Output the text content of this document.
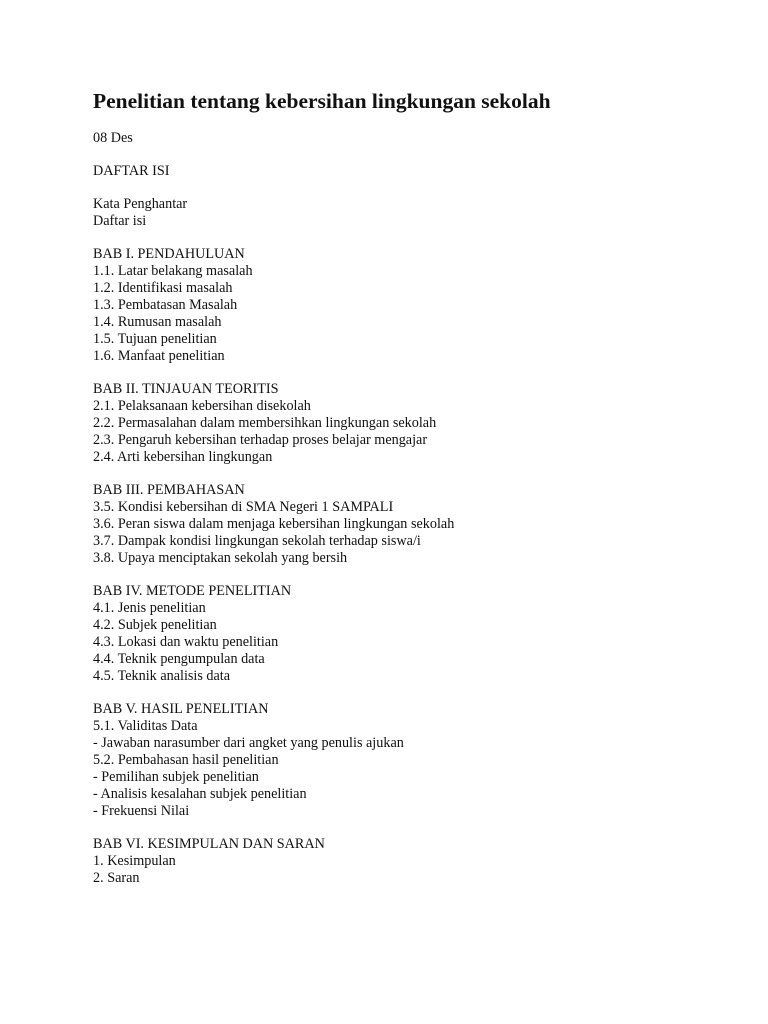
Penelitian tentang kebersihan lingkungan sekolah
08 Des
DAFTAR ISI
Kata Penghantar
Daftar isi
BAB I. PENDAHULUAN
1.1. Latar belakang masalah
1.2. Identifikasi masalah
1.3. Pembatasan Masalah
1.4. Rumusan masalah
1.5. Tujuan penelitian
1.6. Manfaat penelitian
BAB II. TINJAUAN TEORITIS
2.1. Pelaksanaan kebersihan disekolah
2.2. Permasalahan dalam membersihkan lingkungan sekolah
2.3. Pengaruh kebersihan terhadap proses belajar mengajar
2.4. Arti kebersihan lingkungan
BAB III. PEMBAHASAN
3.5. Kondisi kebersihan di SMA Negeri 1 SAMPALI
3.6. Peran siswa dalam menjaga kebersihan lingkungan sekolah
3.7. Dampak kondisi lingkungan sekolah terhadap siswa/i
3.8. Upaya menciptakan sekolah yang bersih
BAB IV. METODE PENELITIAN
4.1. Jenis penelitian
4.2. Subjek penelitian
4.3. Lokasi dan waktu penelitian
4.4. Teknik pengumpulan data
4.5. Teknik analisis data
BAB V. HASIL PENELITIAN
5.1. Validitas Data
- Jawaban narasumber dari angket yang penulis ajukan
5.2. Pembahasan hasil penelitian
- Pemilihan subjek penelitian
- Analisis kesalahan subjek penelitian
- Frekuensi Nilai
BAB VI. KESIMPULAN DAN SARAN
1. Kesimpulan
2. Saran
